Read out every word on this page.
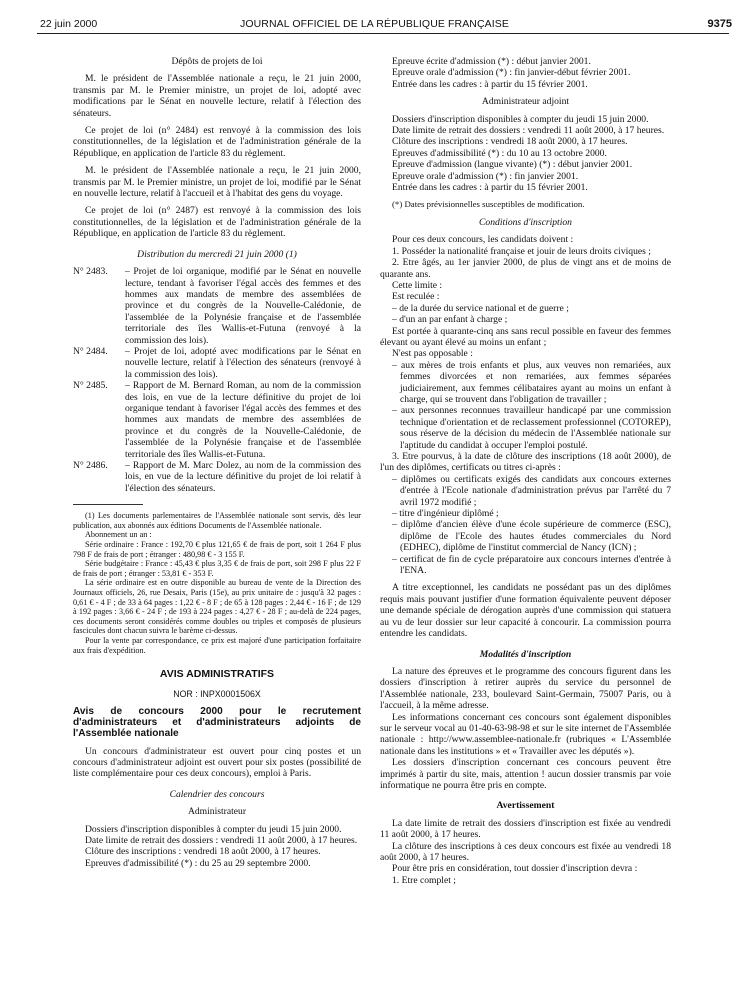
22 juin 2000	JOURNAL OFFICIEL DE LA RÉPUBLIQUE FRANÇAISE	9375

Dépôts de projets de loi

M. le président de l'Assemblée nationale a reçu, le 21 juin 2000, transmis par M. le Premier ministre, un projet de loi, adopté avec modifications par le Sénat en nouvelle lecture, relatif à l'élection des sénateurs.

Ce projet de loi (n° 2484) est renvoyé à la commission des lois constitutionnelles, de la législation et de l'administration générale de la République, en application de l'article 83 du règlement.

M. le président de l'Assemblée nationale a reçu, le 21 juin 2000, transmis par M. le Premier ministre, un projet de loi, modifié par le Sénat en nouvelle lecture, relatif à l'accueil et à l'habitat des gens du voyage.

Ce projet de loi (n° 2487) est renvoyé à la commission des lois constitutionnelles, de la législation et de l'administration générale de la République, en application de l'article 83 du règlement.

Distribution du mercredi 21 juin 2000 (1)

N° 2483.	– Projet de loi organique, modifié par le Sénat en nouvelle lecture, tendant à favoriser l'égal accès des femmes et des hommes aux mandats de membre des assemblées de province et du congrès de la Nouvelle-Calédonie, de l'assemblée de la Polynésie française et de l'assemblée territoriale des îles Wallis-et-Futuna (renvoyé à la commission des lois).
N° 2484.	– Projet de loi, adopté avec modifications par le Sénat en nouvelle lecture, relatif à l'élection des sénateurs (renvoyé à la commission des lois).
N° 2485.	– Rapport de M. Bernard Roman, au nom de la commission des lois, en vue de la lecture définitive du projet de loi organique tendant à favoriser l'égal accès des femmes et des hommes aux mandats de membre des assemblées de province et du congrès de la Nouvelle-Calédonie, de l'assemblée de la Polynésie française et de l'assemblée territoriale des îles Wallis-et-Futuna.
N° 2486.	– Rapport de M. Marc Dolez, au nom de la commission des lois, en vue de la lecture définitive du projet de loi relatif à l'élection des sénateurs.

(1) Les documents parlementaires de l'Assemblée nationale sont servis, dès leur publication, aux abonnés aux éditions Documents de l'Assemblée nationale.

Abonnement un an :

Série ordinaire : France : 192,70 € plus 121,65 € de frais de port, soit 1 264 F plus 798 F de frais de port ; étranger : 480,98 € - 3 155 F.

Série budgétaire : France : 45,43 € plus 3,35 € de frais de port, soit 298 F plus 22 F de frais de port ; étranger : 53,81 € - 353 F.

La série ordinaire est en outre disponible au bureau de vente de la Direction des Journaux officiels, 26, rue Desaix, Paris (15e), au prix unitaire de : jusqu'à 32 pages : 0,61 € - 4 F ; de 33 à 64 pages : 1,22 € - 8 F ; de 65 à 128 pages : 2,44 € - 16 F ; de 129 à 192 pages : 3,66 € - 24 F ; de 193 à 224 pages : 4,27 € - 28 F ; au-delà de 224 pages, ces documents seront considérés comme doubles ou triples et composés de plusieurs fascicules dont chacun suivra le barème ci-dessus.

Pour la vente par correspondance, ce prix est majoré d'une participation forfaitaire aux frais d'expédition.

AVIS ADMINISTRATIFS

NOR : INPX0001506X

Avis de concours 2000 pour le recrutement d'administrateurs et d'administrateurs adjoints de l'Assemblée nationale

Un concours d'administrateur est ouvert pour cinq postes et un concours d'administrateur adjoint est ouvert pour six postes (possibilité de liste complémentaire pour ces deux concours), emploi à Paris.

Calendrier des concours

Administrateur

Dossiers d'inscription disponibles à compter du jeudi 15 juin 2000.

Date limite de retrait des dossiers : vendredi 11 août 2000, à 17 heures.

Clôture des inscriptions : vendredi 18 août 2000, à 17 heures.

Epreuves d'admissibilité (*) : du 25 au 29 septembre 2000.

Epreuve écrite d'admission (*) : début janvier 2001.

Epreuve orale d'admission (*) : fin janvier-début février 2001.

Entrée dans les cadres : à partir du 15 février 2001.

Administrateur adjoint

Dossiers d'inscription disponibles à compter du jeudi 15 juin 2000.

Date limite de retrait des dossiers : vendredi 11 août 2000, à 17 heures.

Clôture des inscriptions : vendredi 18 août 2000, à 17 heures.

Epreuves d'admissibilité (*) : du 10 au 13 octobre 2000.

Epreuve d'admission (langue vivante) (*) : début janvier 2001.

Epreuve orale d'admission (*) : fin janvier 2001.

Entrée dans les cadres : à partir du 15 février 2001.

(*) Dates prévisionnelles susceptibles de modification.

Conditions d'inscription

Pour ces deux concours, les candidats doivent :

1. Posséder la nationalité française et jouir de leurs droits civiques ;

2. Etre âgés, au 1er janvier 2000, de plus de vingt ans et de moins de quarante ans.

Cette limite :

Est reculée :

– de la durée du service national et de guerre ;

– d'un an par enfant à charge ;

Est portée à quarante-cinq ans sans recul possible en faveur des femmes élevant ou ayant élevé au moins un enfant ;

N'est pas opposable :

– aux mères de trois enfants et plus, aux veuves non remariées, aux femmes divorcées et non remariées, aux femmes séparées judiciairement, aux femmes célibataires ayant au moins un enfant à charge, qui se trouvent dans l'obligation de travailler ;

– aux personnes reconnues travailleur handicapé par une commission technique d'orientation et de reclassement professionnel (COTOREP), sous réserve de la décision du médecin de l'Assemblée nationale sur l'aptitude du candidat à occuper l'emploi postulé.

3. Etre pourvus, à la date de clôture des inscriptions (18 août 2000), de l'un des diplômes, certificats ou titres ci-après :

– diplômes ou certificats exigés des candidats aux concours externes d'entrée à l'Ecole nationale d'administration prévus par l'arrêté du 7 avril 1972 modifié ;

– titre d'ingénieur diplômé ;

– diplôme d'ancien élève d'une école supérieure de commerce (ESC), diplôme de l'Ecole des hautes études commerciales du Nord (EDHEC), diplôme de l'institut commercial de Nancy (ICN) ;

– certificat de fin de cycle préparatoire aux concours internes d'entrée à l'ENA.

A titre exceptionnel, les candidats ne possédant pas un des diplômes requis mais pouvant justifier d'une formation équivalente peuvent déposer une demande spéciale de dérogation auprès d'une commission qui statuera au vu de leur dossier sur leur capacité à concourir. La commission pourra entendre les candidats.

Modalités d'inscription

La nature des épreuves et le programme des concours figurent dans les dossiers d'inscription à retirer auprès du service du personnel de l'Assemblée nationale, 233, boulevard Saint-Germain, 75007 Paris, ou à l'accueil, à la même adresse.

Les informations concernant ces concours sont également disponibles sur le serveur vocal au 01-40-63-98-98 et sur le site internet de l'Assemblée nationale : http://www.assemblee-nationale.fr (rubriques « L'Assemblée nationale dans les institutions » et « Travailler avec les députés »).

Les dossiers d'inscription concernant ces concours peuvent être imprimés à partir du site, mais, attention ! aucun dossier transmis par voie informatique ne pourra être pris en compte.

Avertissement

La date limite de retrait des dossiers d'inscription est fixée au vendredi 11 août 2000, à 17 heures.

La clôture des inscriptions à ces deux concours est fixée au vendredi 18 août 2000, à 17 heures.

Pour être pris en considération, tout dossier d'inscription devra :

1. Etre complet ;
